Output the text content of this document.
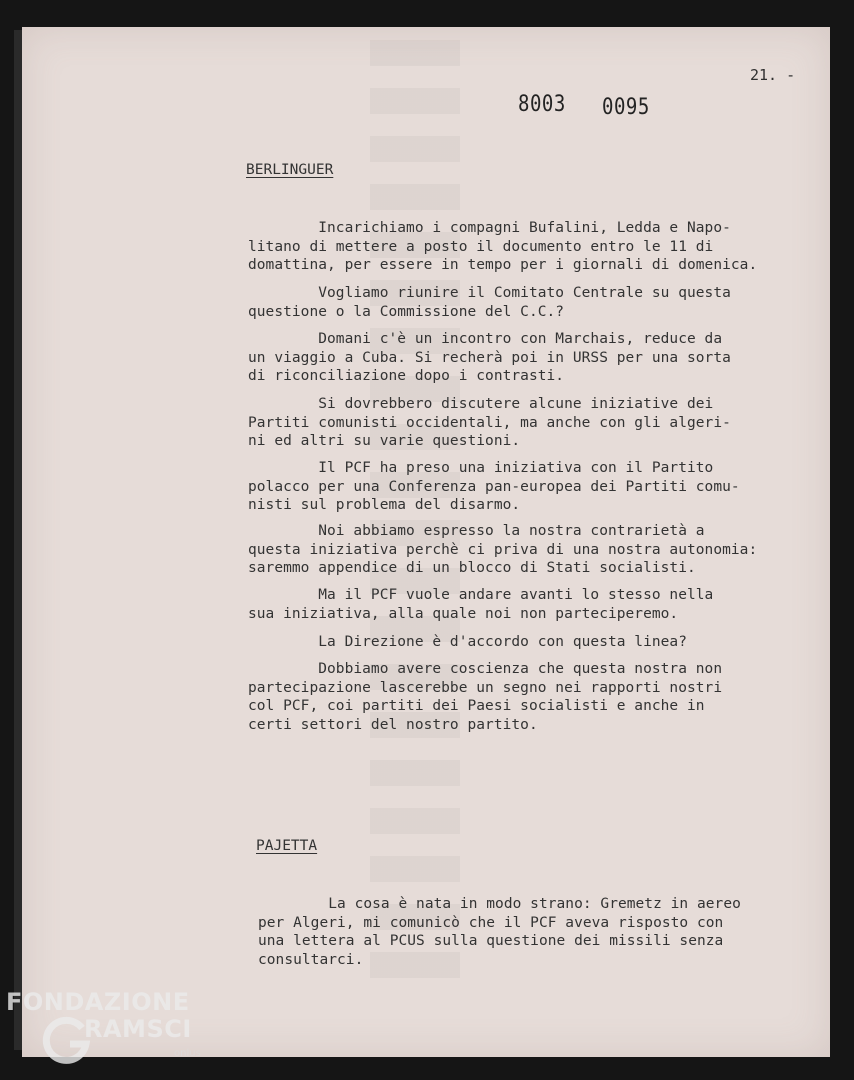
21. -
8003 0095
BERLINGUER
Incarichiamo i compagni Bufalini, Ledda e Napo-
litano di mettere a posto il documento entro le 11 di
domattina, per essere in tempo per i giornali di domenica.
Vogliamo riunire il Comitato Centrale su questa
questione o la Commissione del C.C.?
Domani c'è un incontro con Marchais, reduce da
un viaggio a Cuba. Si recherà poi in URSS per una sorta
di riconciliazione dopo i contrasti.
Si dovrebbero discutere alcune iniziative dei
Partiti comunisti occidentali, ma anche con gli algeri-
ni ed altri su varie questioni.
Il PCF ha preso una iniziativa con il Partito
polacco per una Conferenza pan-europea dei Partiti comu-
nisti sul problema del disarmo.
Noi abbiamo espresso la nostra contrarietà a
questa iniziativa perchè ci priva di una nostra autonomia:
saremmo appendice di un blocco di Stati socialisti.
Ma il PCF vuole andare avanti lo stesso nella
sua iniziativa, alla quale noi non parteciperemo.
La Direzione è d'accordo con questa linea?
Dobbiamo avere coscienza che questa nostra non
partecipazione lascerebbe un segno nei rapporti nostri
col PCF, coi partiti dei Paesi socialisti e anche in
certi settori del nostro partito.
PAJETTA
La cosa è nata in modo strano: Gremetz in aereo
per Algeri, mi comunicò che il PCF aveva risposto con
una lettera al PCUS sulla questione dei missili senza
consultarci.
FONDAZIONE
RAMSCI
onlus
